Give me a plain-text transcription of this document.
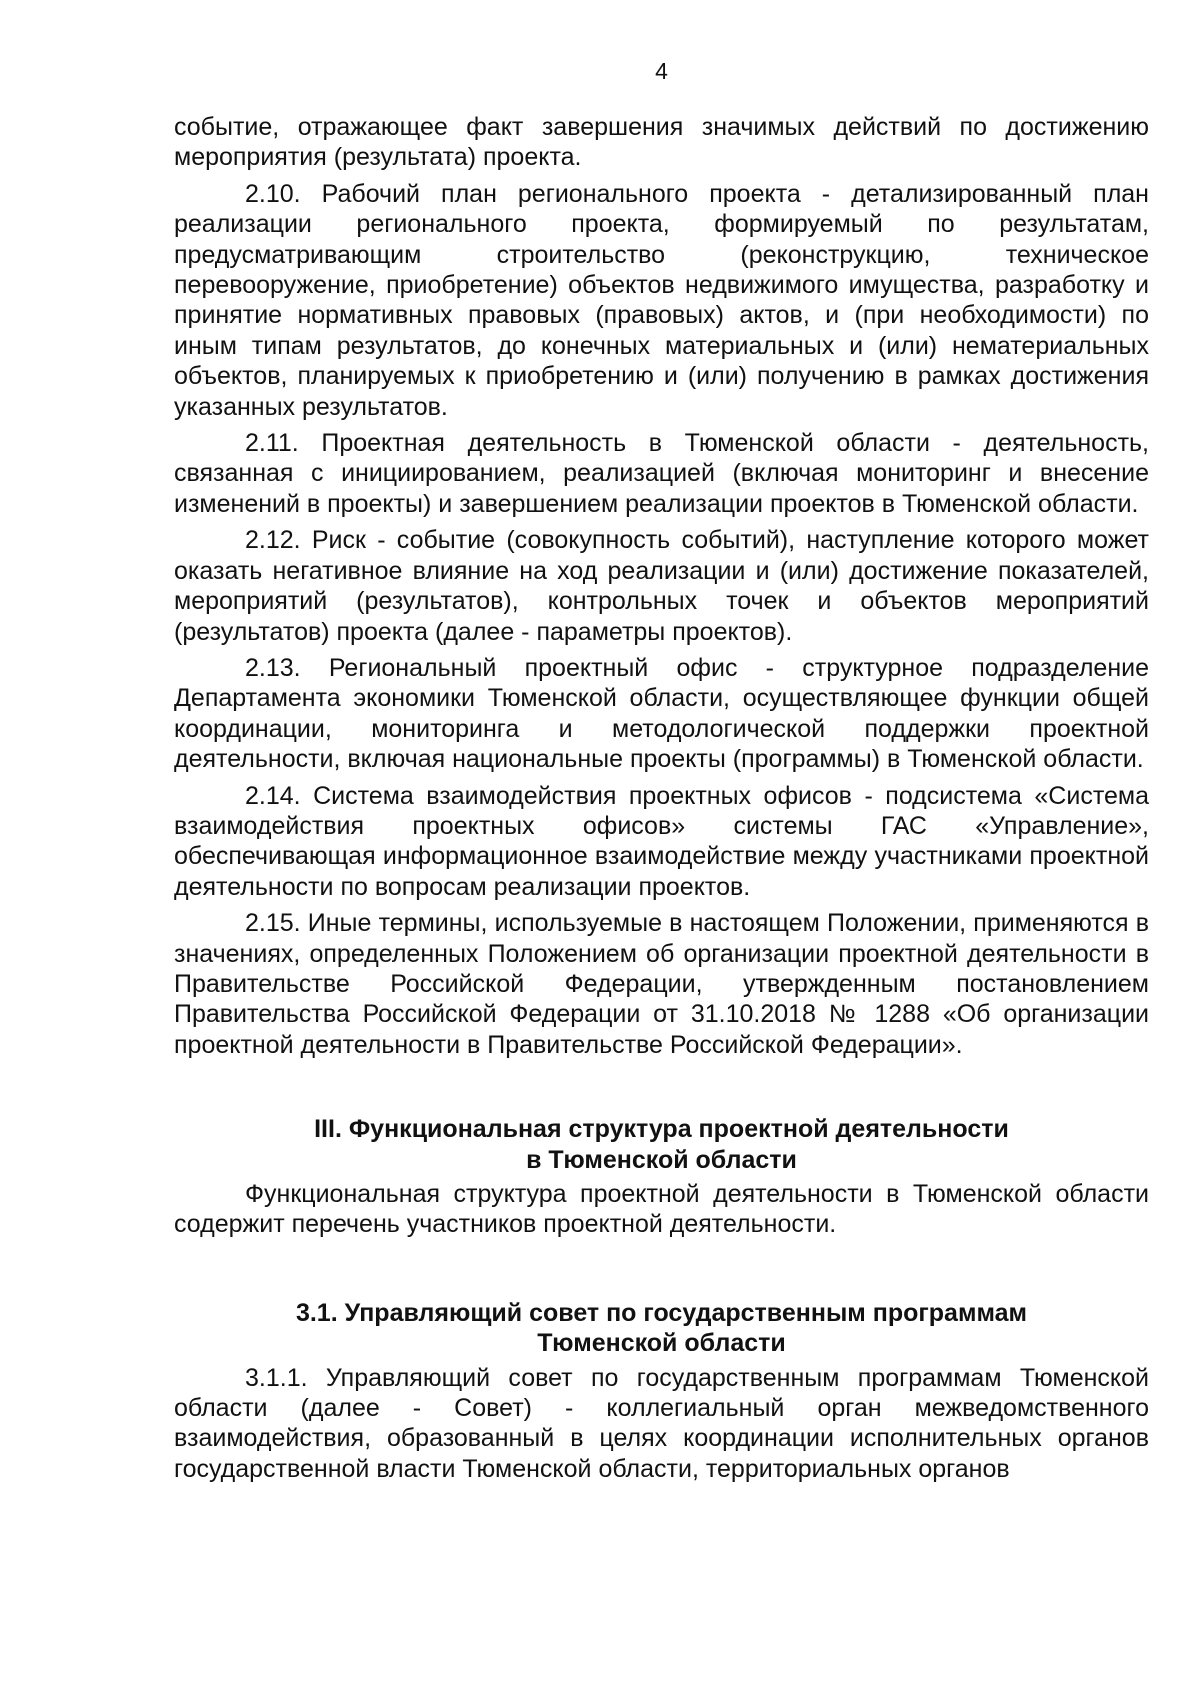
4

событие, отражающее факт завершения значимых действий по достижению мероприятия (результата) проекта.

2.10. Рабочий план регионального проекта - детализированный план реализации регионального проекта, формируемый по результатам, предусматривающим строительство (реконструкцию, техническое перевооружение, приобретение) объектов недвижимого имущества, разработку и принятие нормативных правовых (правовых) актов, и (при необходимости) по иным типам результатов, до конечных материальных и (или) нематериальных объектов, планируемых к приобретению и (или) получению в рамках достижения указанных результатов.

2.11. Проектная деятельность в Тюменской области - деятельность, связанная с инициированием, реализацией (включая мониторинг и внесение изменений в проекты) и завершением реализации проектов в Тюменской области.

2.12. Риск - событие (совокупность событий), наступление которого может оказать негативное влияние на ход реализации и (или) достижение показателей, мероприятий (результатов), контрольных точек и объектов мероприятий (результатов) проекта (далее - параметры проектов).

2.13. Региональный проектный офис - структурное подразделение Департамента экономики Тюменской области, осуществляющее функции общей координации, мониторинга и методологической поддержки проектной деятельности, включая национальные проекты (программы) в Тюменской области.

2.14. Система взаимодействия проектных офисов - подсистема «Система взаимодействия проектных офисов» системы ГАС «Управление», обеспечивающая информационное взаимодействие между участниками проектной деятельности по вопросам реализации проектов.

2.15. Иные термины, используемые в настоящем Положении, применяются в значениях, определенных Положением об организации проектной деятельности в Правительстве Российской Федерации, утвержденным постановлением Правительства Российской Федерации от 31.10.2018 № 1288 «Об организации проектной деятельности в Правительстве Российской Федерации».

III. Функциональная структура проектной деятельности
в Тюменской области

Функциональная структура проектной деятельности в Тюменской области содержит перечень участников проектной деятельности.

3.1. Управляющий совет по государственным программам
Тюменской области

3.1.1. Управляющий совет по государственным программам Тюменской области (далее - Совет) - коллегиальный орган межведомственного взаимодействия, образованный в целях координации исполнительных органов государственной власти Тюменской области, территориальных органов
